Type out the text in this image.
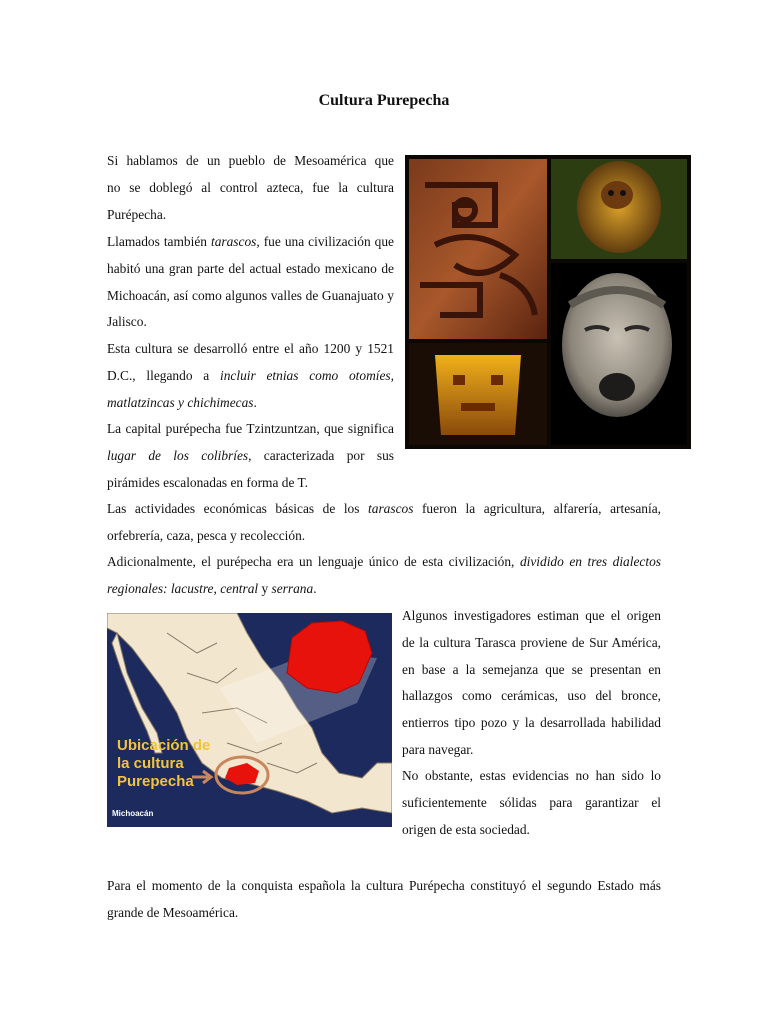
Cultura Purepecha
Si hablamos de un pueblo de Mesoamérica que
no se doblegó al control azteca, fue la cultura
Purépecha.

Llamados también tarascos, fue una civilización que habitó una gran parte del actual estado mexicano de Michoacán, así como algunos valles de Guanajuato y Jalisco.

Esta cultura se desarrolló entre el año 1200 y 1521 D.C., llegando a incluir etnias como otomíes, matlatzincas y chichimecas.

La capital purépecha fue Tzintzuntzan, que significa lugar de los colibríes, caracterizada por sus pirámides escalonadas en forma de T.

Las actividades económicas básicas de los tarascos fueron la agricultura, alfarería, artesanía, orfebrería, caza, pesca y recolección.

Adicionalmente, el purépecha era un lenguaje único de esta civilización, dividido en tres dialectos regionales: lacustre, central y serrana.

Algunos investigadores estiman que el origen de la cultura Tarasca proviene de Sur América, en base a la semejanza que se presentan en hallazgos como cerámicas, uso del bronce, entierros tipo pozo y la desarrollada habilidad para navegar.

No obstante, estas evidencias no han sido lo suficientemente sólidas para garantizar el origen de esta sociedad.

Para el momento de la conquista española la cultura Purépecha constituyó el segundo Estado más grande de Mesoamérica.

Ubicación de
la cultura
Purepecha
Michoacán
